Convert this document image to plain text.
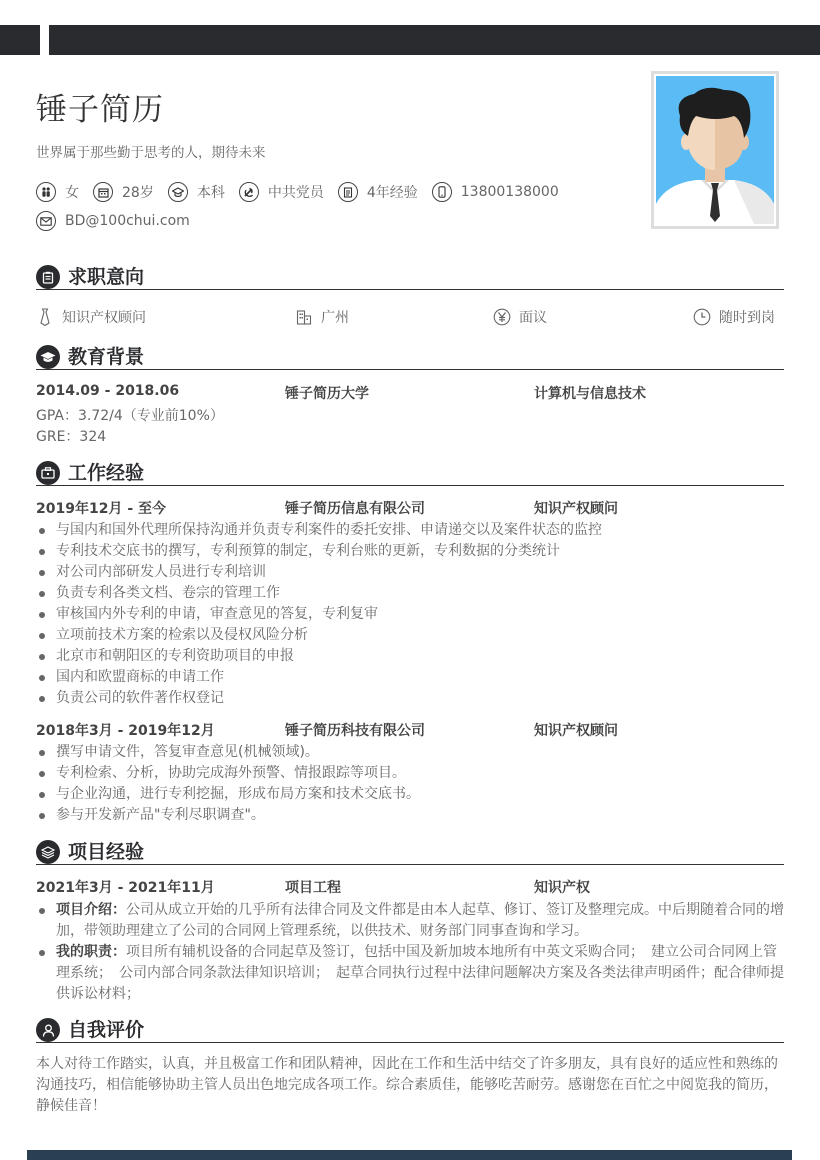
锤子简历
世界属于那些勤于思考的人，期待未来
女	28岁	本科	中共党员	4年经验	13800138000
BD@100chui.com
求职意向
知识产权顾问	广州	面议	随时到岗
教育背景
2014.09 - 2018.06	锤子简历大学	计算机与信息技术
GPA：3.72/4（专业前10%）
GRE：324
工作经验
2019年12月 - 至今	锤子简历信息有限公司	知识产权顾问
与国内和国外代理所保持沟通并负责专利案件的委托安排、申请递交以及案件状态的监控
专利技术交底书的撰写，专利预算的制定，专利台账的更新，专利数据的分类统计
对公司内部研发人员进行专利培训
负责专利各类文档、卷宗的管理工作
审核国内外专利的申请，审查意见的答复，专利复审
立项前技术方案的检索以及侵权风险分析
北京市和朝阳区的专利资助项目的申报
国内和欧盟商标的申请工作
负责公司的软件著作权登记
2018年3月 - 2019年12月	锤子简历科技有限公司	知识产权顾问
撰写申请文件，答复审查意见(机械领域)。
专利检索、分析，协助完成海外预警、情报跟踪等项目。
与企业沟通，进行专利挖掘，形成布局方案和技术交底书。
参与开发新产品"专利尽职调查"。
项目经验
2021年3月 - 2021年11月	项目工程	知识产权
项目介绍：公司从成立开始的几乎所有法律合同及文件都是由本人起草、修订、签订及整理完成。中后期随着合同的增加，带领助理建立了公司的合同网上管理系统，以供技术、财务部门同事查询和学习。
我的职责：项目所有辅机设备的合同起草及签订，包括中国及新加坡本地所有中英文采购合同；　建立公司合同网上管理系统；　公司内部合同条款法律知识培训；　起草合同执行过程中法律问题解决方案及各类法律声明函件；配合律师提供诉讼材料；
自我评价
本人对待工作踏实，认真，并且极富工作和团队精神，因此在工作和生活中结交了许多朋友，具有良好的适应性和熟练的沟通技巧，相信能够协助主管人员出色地完成各项工作。综合素质佳，能够吃苦耐劳。感谢您在百忙之中阅览我的简历，静候佳音！
